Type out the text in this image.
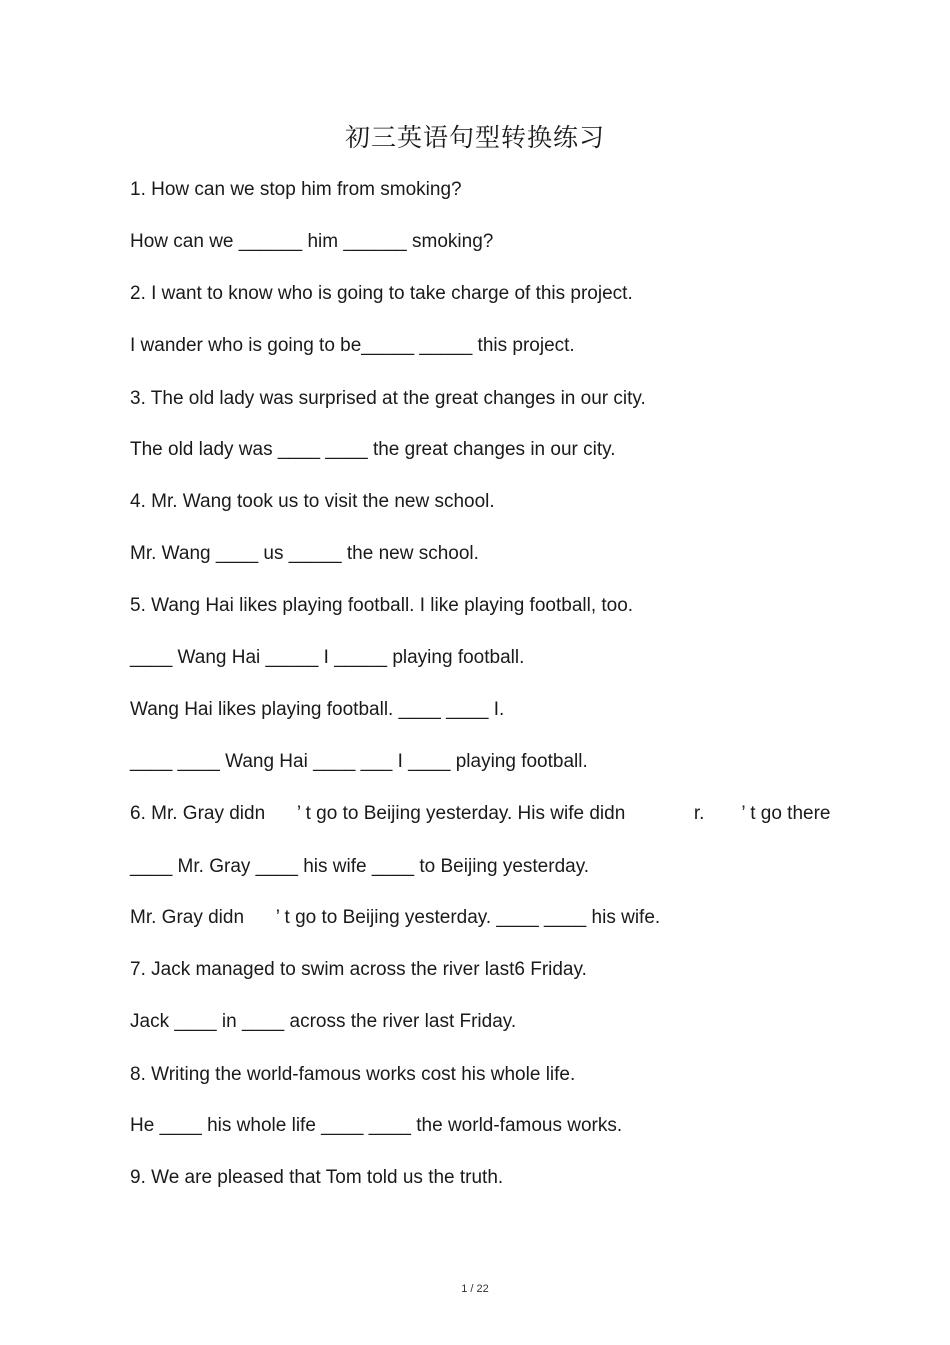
初三英语句型转换练习
1. How can we stop him from smoking?
How can we ______ him ______ smoking?
2. I want to know who is going to take charge of this project.
I wander who is going to be_____ _____ this project.
3. The old lady was surprised at the great changes in our city.
The old lady was ____ ____ the great changes in our city.
4. Mr. Wang took us to visit the new school.
Mr. Wang ____ us _____ the new school.
5. Wang Hai likes playing football. I like playing football, too.
____ Wang Hai _____ I _____ playing football.
Wang Hai likes playing football. ____ ____ I.
____ ____ Wang Hai ____ ___ I ____ playing football.
6. Mr. Gray didn      ’ t go to Beijing yesterday. His wife didn             r.       ’ t go there
____ Mr. Gray ____ his wife ____ to Beijing yesterday.
Mr. Gray didn      ’ t go to Beijing yesterday. ____ ____ his wife.
7. Jack managed to swim across the river last6 Friday.
Jack ____ in ____ across the river last Friday.
8. Writing the world-famous works cost his whole life.
He ____ his whole life ____ ____ the world-famous works.
9. We are pleased that Tom told us the truth.
1 / 22
